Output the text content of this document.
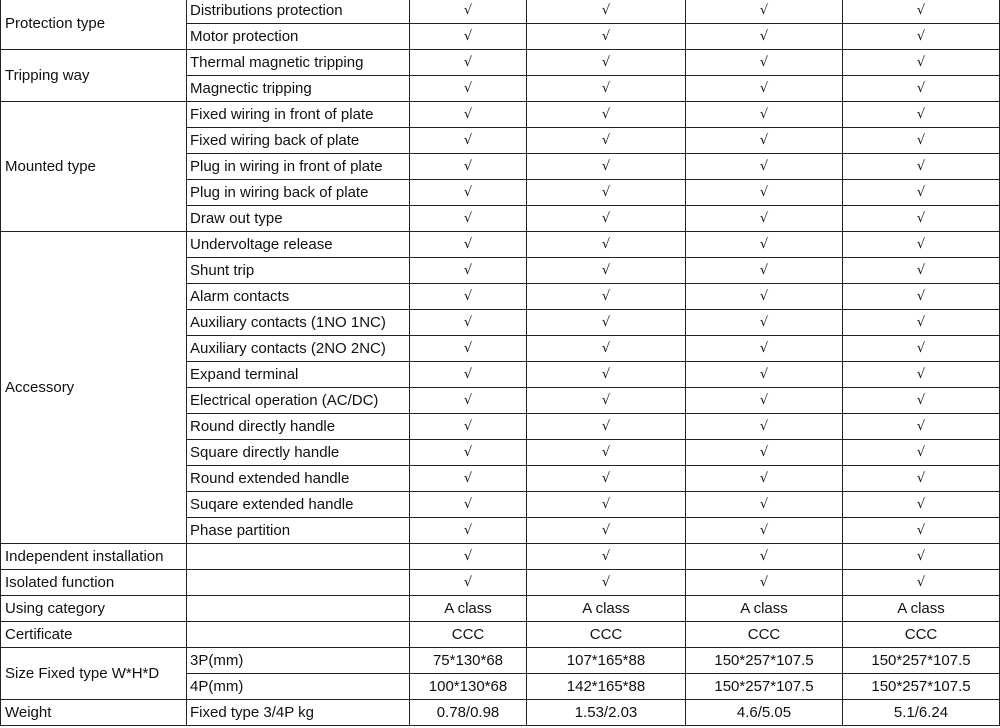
Protection type	Distributions protection	√	√	√	√
	Motor protection	√	√	√	√
Tripping way	Thermal magnetic tripping	√	√	√	√
	Magnectic tripping	√	√	√	√
Mounted type	Fixed wiring in front of plate	√	√	√	√
	Fixed wiring back of plate	√	√	√	√
	Plug in wiring in front of plate	√	√	√	√
	Plug in wiring back of plate	√	√	√	√
	Draw out type	√	√	√	√
Accessory	Undervoltage release	√	√	√	√
	Shunt trip	√	√	√	√
	Alarm contacts	√	√	√	√
	Auxiliary contacts (1NO 1NC)	√	√	√	√
	Auxiliary contacts (2NO 2NC)	√	√	√	√
	Expand terminal	√	√	√	√
	Electrical operation (AC/DC)	√	√	√	√
	Round directly handle	√	√	√	√
	Square directly handle	√	√	√	√
	Round extended handle	√	√	√	√
	Suqare extended handle	√	√	√	√
	Phase partition	√	√	√	√
Independent installation		√	√	√	√
Isolated function		√	√	√	√
Using category		A class	A class	A class	A class
Certificate		CCC	CCC	CCC	CCC
Size Fixed type W*H*D	3P(mm)	75*130*68	107*165*88	150*257*107.5	150*257*107.5
	4P(mm)	100*130*68	142*165*88	150*257*107.5	150*257*107.5
Weight	Fixed type 3/4P kg	0.78/0.98	1.53/2.03	4.6/5.05	5.1/6.24
